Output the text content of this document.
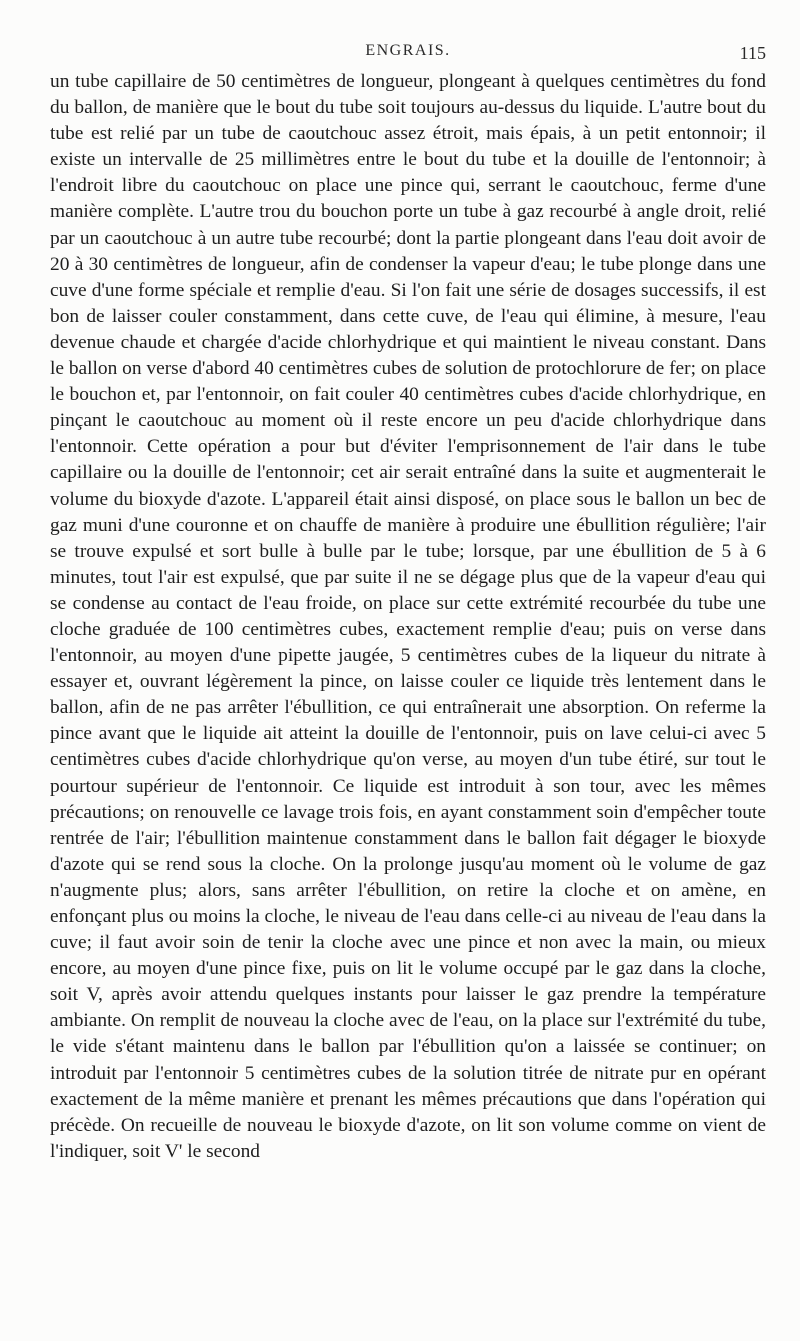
ENGRAIS.	115

un tube capillaire de 50 centimètres de longueur, plongeant à quelques centimètres du fond du ballon, de manière que le bout du tube soit toujours au-dessus du liquide. L'autre bout du tube est relié par un tube de caoutchouc assez étroit, mais épais, à un petit entonnoir; il existe un intervalle de 25 millimètres entre le bout du tube et la douille de l'entonnoir; à l'endroit libre du caoutchouc on place une pince qui, serrant le caoutchouc, ferme d'une manière complète. L'autre trou du bouchon porte un tube à gaz recourbé à angle droit, relié par un caoutchouc à un autre tube recourbé; dont la partie plongeant dans l'eau doit avoir de 20 à 30 centimètres de longueur, afin de condenser la vapeur d'eau; le tube plonge dans une cuve d'une forme spéciale et remplie d'eau. Si l'on fait une série de dosages successifs, il est bon de laisser couler constamment, dans cette cuve, de l'eau qui élimine, à mesure, l'eau devenue chaude et chargée d'acide chlorhydrique et qui maintient le niveau constant. Dans le ballon on verse d'abord 40 centimètres cubes de solution de protochlorure de fer; on place le bouchon et, par l'entonnoir, on fait couler 40 centimètres cubes d'acide chlorhydrique, en pinçant le caoutchouc au moment où il reste encore un peu d'acide chlorhydrique dans l'entonnoir. Cette opération a pour but d'éviter l'emprisonnement de l'air dans le tube capillaire ou la douille de l'entonnoir; cet air serait entraîné dans la suite et augmenterait le volume du bioxyde d'azote. L'appareil était ainsi disposé, on place sous le ballon un bec de gaz muni d'une couronne et on chauffe de manière à produire une ébullition régulière; l'air se trouve expulsé et sort bulle à bulle par le tube; lorsque, par une ébullition de 5 à 6 minutes, tout l'air est expulsé, que par suite il ne se dégage plus que de la vapeur d'eau qui se condense au contact de l'eau froide, on place sur cette extrémité recourbée du tube une cloche graduée de 100 centimètres cubes, exactement remplie d'eau; puis on verse dans l'entonnoir, au moyen d'une pipette jaugée, 5 centimètres cubes de la liqueur du nitrate à essayer et, ouvrant légèrement la pince, on laisse couler ce liquide très lentement dans le ballon, afin de ne pas arrêter l'ébullition, ce qui entraînerait une absorption. On referme la pince avant que le liquide ait atteint la douille de l'entonnoir, puis on lave celui-ci avec 5 centimètres cubes d'acide chlorhydrique qu'on verse, au moyen d'un tube étiré, sur tout le pourtour supérieur de l'entonnoir. Ce liquide est introduit à son tour, avec les mêmes précautions; on renouvelle ce lavage trois fois, en ayant constamment soin d'empêcher toute rentrée de l'air; l'ébullition maintenue constamment dans le ballon fait dégager le bioxyde d'azote qui se rend sous la cloche. On la prolonge jusqu'au moment où le volume de gaz n'augmente plus; alors, sans arrêter l'ébullition, on retire la cloche et on amène, en enfonçant plus ou moins la cloche, le niveau de l'eau dans celle-ci au niveau de l'eau dans la cuve; il faut avoir soin de tenir la cloche avec une pince et non avec la main, ou mieux encore, au moyen d'une pince fixe, puis on lit le volume occupé par le gaz dans la cloche, soit V, après avoir attendu quelques instants pour laisser le gaz prendre la température ambiante. On remplit de nouveau la cloche avec de l'eau, on la place sur l'extrémité du tube, le vide s'étant maintenu dans le ballon par l'ébullition qu'on a laissée se continuer; on introduit par l'entonnoir 5 centimètres cubes de la solution titrée de nitrate pur en opérant exactement de la même manière et prenant les mêmes précautions que dans l'opération qui précède. On recueille de nouveau le bioxyde d'azote, on lit son volume comme on vient de l'indiquer, soit V' le second
